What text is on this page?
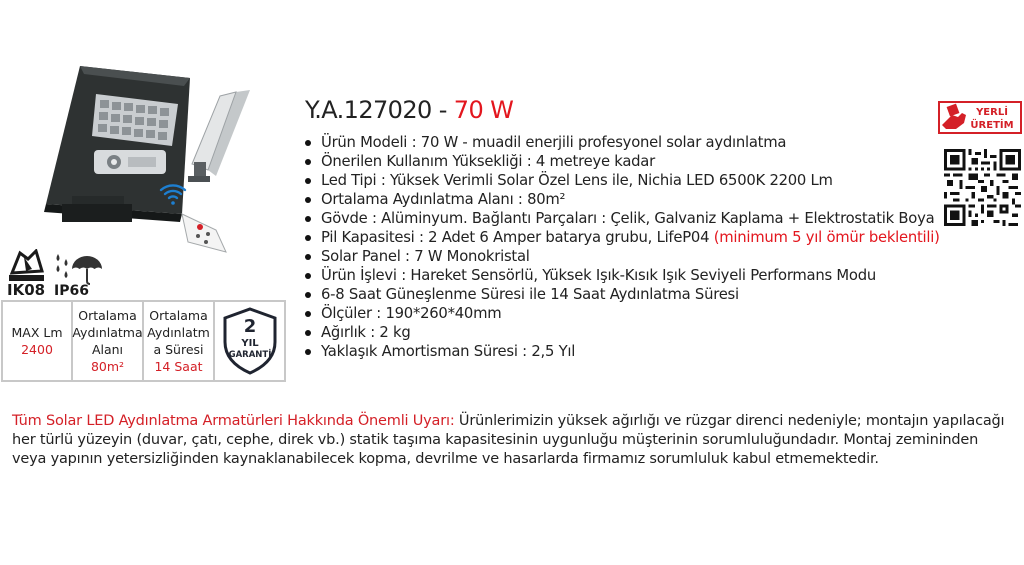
IK08 IP66
MAX Lm
2400
Ortalama
Aydınlatma
Alanı
80m²
Ortalama
Aydınlatm
a Süresi
14 Saat
2
YIL
GARANTİ
Y.A.127020 - 70 W
Ürün Modeli : 70 W - muadil enerjili profesyonel solar aydınlatma
Önerilen Kullanım Yüksekliği : 4 metreye kadar
Led Tipi : Yüksek Verimli Solar Özel Lens ile, Nichia LED 6500K 2200 Lm
Ortalama Aydınlatma Alanı : 80m²
Gövde : Alüminyum. Bağlantı Parçaları : Çelik, Galvaniz Kaplama + Elektrostatik Boya
Pil Kapasitesi : 2 Adet 6 Amper batarya grubu, LifeP04 (minimum 5 yıl ömür beklentili)
Solar Panel : 7 W Monokristal
Ürün İşlevi : Hareket Sensörlü, Yüksek Işık-Kısık Işık Seviyeli Performans Modu
6-8 Saat Güneşlenme Süresi ile 14 Saat Aydınlatma Süresi
Ölçüler : 190*260*40mm
Ağırlık : 2 kg
Yaklaşık Amortisman Süresi : 2,5 Yıl
YERLİ
ÜRETİM

Tüm Solar LED Aydınlatma Armatürleri Hakkında Önemli Uyarı: Ürünlerimizin yüksek ağırlığı ve rüzgar direnci nedeniyle; montajın yapılacağı her türlü yüzeyin (duvar, çatı, cephe, direk vb.) statik taşıma kapasitesinin uygunluğu müşterinin sorumluluğundadır. Montaj zemininden veya yapının yetersizliğinden kaynaklanabilecek kopma, devrilme ve hasarlarda firmamız sorumluluk kabul etmemektedir.
